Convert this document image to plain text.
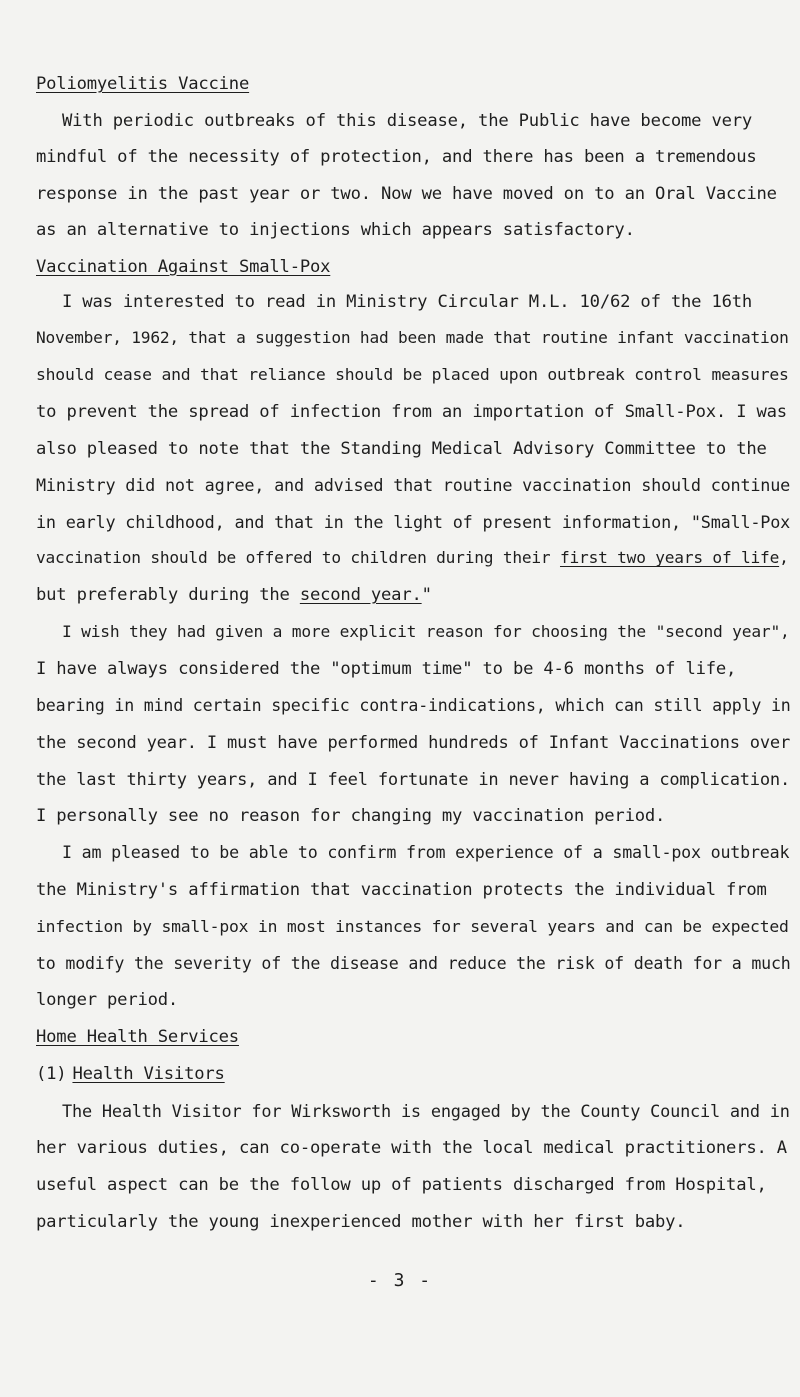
Poliomyelitis Vaccine
With periodic outbreaks of this disease, the Public have become very
mindful of the necessity of protection, and there has been a tremendous
response in the past year or two. Now we have moved on to an Oral Vaccine
as an alternative to injections which appears satisfactory.
Vaccination Against Small-Pox
I was interested to read in Ministry Circular M.L. 10/62 of the 16th
November, 1962, that a suggestion had been made that routine infant vaccination
should cease and that reliance should be placed upon outbreak control measures
to prevent the spread of infection from an importation of Small-Pox. I was
also pleased to note that the Standing Medical Advisory Committee to the
Ministry did not agree, and advised that routine vaccination should continue
in early childhood, and that in the light of present information, "Small-Pox
vaccination should be offered to children during their first two years of life,
but preferably during the second year."
I wish they had given a more explicit reason for choosing the "second year",
I have always considered the "optimum time" to be 4-6 months of life,
bearing in mind certain specific contra-indications, which can still apply in
the second year. I must have performed hundreds of Infant Vaccinations over
the last thirty years, and I feel fortunate in never having a complication.
I personally see no reason for changing my vaccination period.
I am pleased to be able to confirm from experience of a small-pox outbreak
the Ministry's affirmation that vaccination protects the individual from
infection by small-pox in most instances for several years and can be expected
to modify the severity of the disease and reduce the risk of death for a much
longer period.
Home Health Services
(1) Health Visitors
The Health Visitor for Wirksworth is engaged by the County Council and in
her various duties, can co-operate with the local medical practitioners. A
useful aspect can be the follow up of patients discharged from Hospital,
particularly the young inexperienced mother with her first baby.
- 3 -
